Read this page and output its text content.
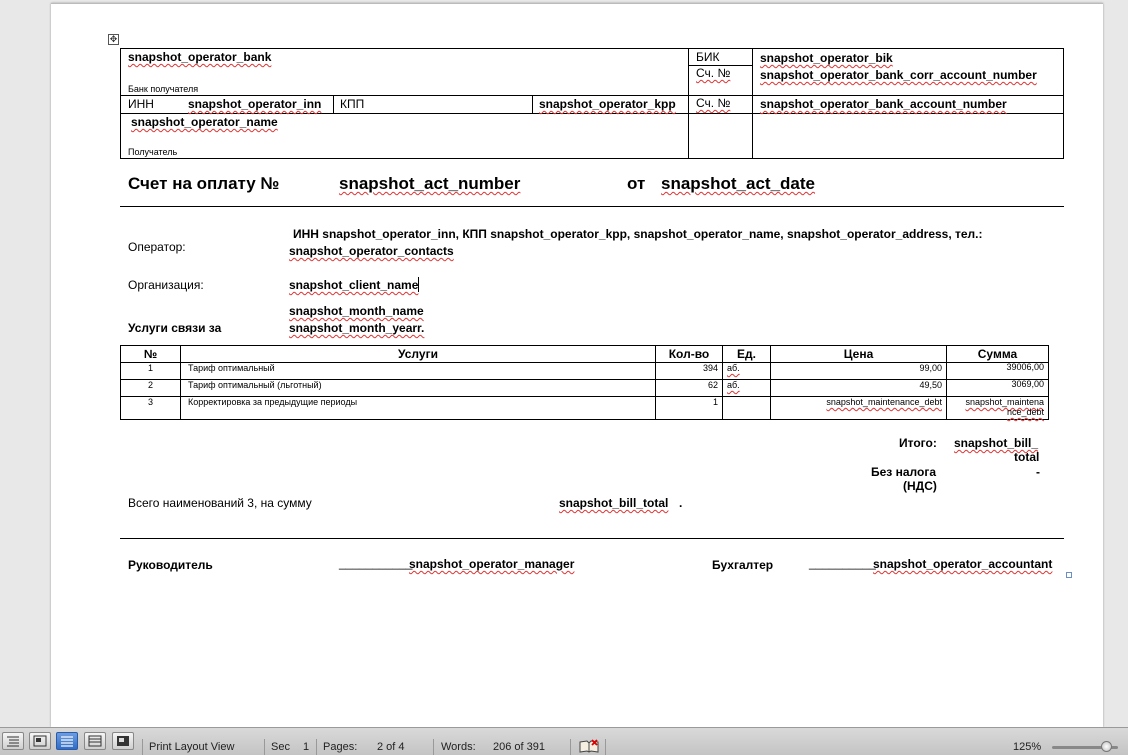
✥
snapshot_operator_bank
Банк получателя
БИК	snapshot_operator_bik
Сч. № snapshot_operator_bank_corr_account_number
ИНН	snapshot_operator_inn КПП	snapshot_operator_kpp Сч. № snapshot_operator_bank_account_number
snapshot_operator_name
Получатель
Счет на оплату №	snapshot_act_number	от snapshot_act_date
Оператор:
ИНН snapshot_operator_inn, КПП snapshot_operator_kpp, snapshot_operator_name, snapshot_operator_address, тел.:
snapshot_operator_contacts
Организация:	snapshot_client_name
snapshot_month_name
Услуги связи за	snapshot_month_yearr.
№	Услуги	Кол-во	Ед.	Цена	Сумма
1	Тариф оптимальный	394	аб.	99,00	39006,00
2	Тариф оптимальный (льготный)	62	аб.	49,50	3069,00
3	Корректировка за предыдущие периоды	1		snapshot_maintenance_debt	snapshot_maintena
nce_debt
Итого: snapshot_bill_
total
Без налога
(НДС)
-
Всего наименований 3, на сумму	snapshot_bill_total .
Руководитель	___________
snapshot_operator_manager	Бухгалтер	__________
snapshot_operator_accountant
Print Layout View	Sec 1 Pages: 2 of 4	Words: 206 of 391	125%
